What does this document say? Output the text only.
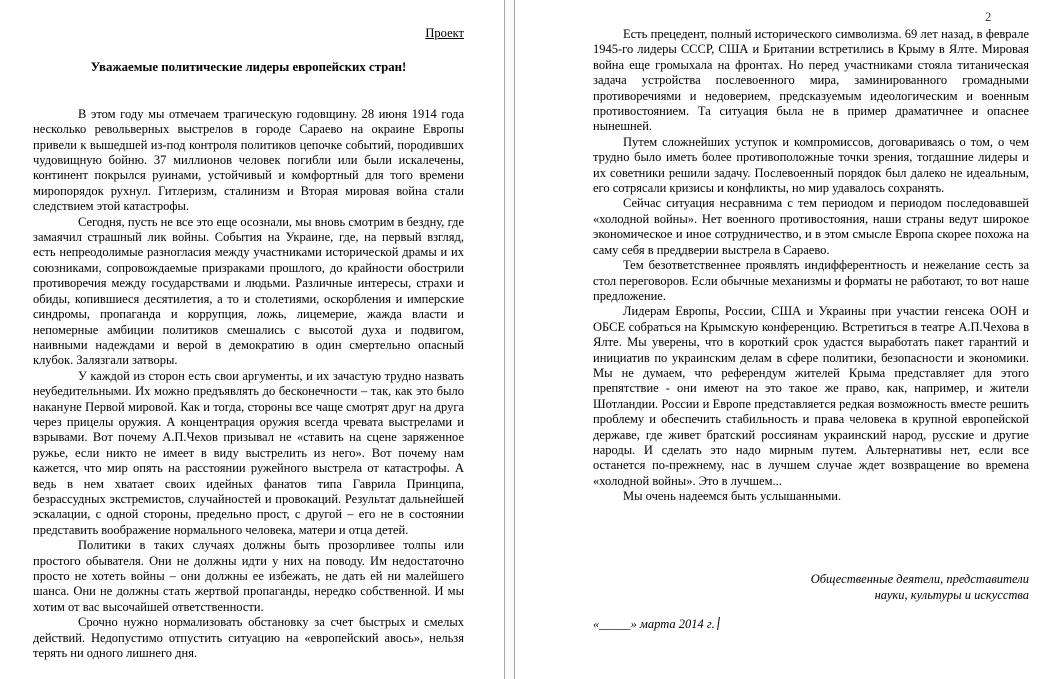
Проект
Уважаемые политические лидеры европейских стран!

В этом году мы отмечаем трагическую годовщину. 28 июня 1914 года несколько револьверных выстрелов в городе Сараево на окраине Европы привели к вышедшей из-под контроля политиков цепочке событий, породивших чудовищную бойню. 37 миллионов человек погибли или были искалечены, континент покрылся руинами, устойчивый и комфортный для того времени миропорядок рухнул. Гитлеризм, сталинизм и Вторая мировая война стали следствием этой катастрофы.

Сегодня, пусть не все это еще осознали, мы вновь смотрим в бездну, где замаячил страшный лик войны. События на Украине, где, на первый взгляд, есть непреодолимые разногласия между участниками исторической драмы и их союзниками, сопровождаемые призраками прошлого, до крайности обострили противоречия между государствами и людьми. Различные интересы, страхи и обиды, копившиеся десятилетия, а то и столетиями, оскорбления и имперские синдромы, пропаганда и коррупция, ложь, лицемерие, жажда власти и непомерные амбиции политиков смешались с высотой духа и подвигом, наивными надеждами и верой в демократию в один смертельно опасный клубок. Залязгали затворы.

У каждой из сторон есть свои аргументы, и их зачастую трудно назвать неубедительными. Их можно предъявлять до бесконечности – так, как это было накануне Первой мировой. Как и тогда, стороны все чаще смотрят друг на друга через прицелы оружия. А концентрация оружия всегда чревата выстрелами и взрывами. Вот почему А.П.Чехов призывал не «ставить на сцене заряженное ружье, если никто не имеет в виду выстрелить из него». Вот почему нам кажется, что мир опять на расстоянии ружейного выстрела от катастрофы. А ведь в нем хватает своих идейных фанатов типа Гаврила Принципа, безрассудных экстремистов, случайностей и провокаций. Результат дальнейшей эскалации, с одной стороны, предельно прост, с другой – его не в состоянии представить воображение нормального человека, матери и отца детей.

Политики в таких случаях должны быть прозорливее толпы или простого обывателя. Они не должны идти у них на поводу. Им недостаточно просто не хотеть войны – они должны ее избежать, не дать ей ни малейшего шанса. Они не должны стать жертвой пропаганды, нередко собственной. И мы хотим от вас высочайшей ответственности.

Срочно нужно нормализовать обстановку за счет быстрых и смелых действий. Недопустимо отпустить ситуацию на «европейский авось», нельзя терять ни одного лишнего дня.

2

Есть прецедент, полный исторического символизма. 69 лет назад, в феврале 1945-го лидеры СССР, США и Британии встретились в Крыму в Ялте. Мировая война еще громыхала на фронтах. Но перед участниками стояла титаническая задача устройства послевоенного мира, заминированного громадными противоречиями и недоверием, предсказуемым идеологическим и военным противостоянием. Та ситуация была не в пример драматичнее и опаснее нынешней.

Путем сложнейших уступок и компромиссов, договариваясь о том, о чем трудно было иметь более противоположные точки зрения, тогдашние лидеры и их советники решили задачу. Послевоенный порядок был далеко не идеальным, его сотрясали кризисы и конфликты, но мир удавалось сохранять.

Сейчас ситуация несравнима с тем периодом и периодом последовавшей «холодной войны». Нет военного противостояния, наши страны ведут широкое экономическое и иное сотрудничество, и в этом смысле Европа скорее похожа на саму себя в преддверии выстрела в Сараево.

Тем безответственнее проявлять индифферентность и нежелание сесть за стол переговоров. Если обычные механизмы и форматы не работают, то вот наше предложение.

Лидерам Европы, России, США и Украины при участии генсека ООН и ОБСЕ собраться на Крымскую конференцию. Встретиться в театре А.П.Чехова в Ялте. Мы уверены, что в короткий срок удастся выработать пакет гарантий и инициатив по украинским делам в сфере политики, безопасности и экономики. Мы не думаем, что референдум жителей Крыма представляет для этого препятствие - они имеют на это такое же право, как, например, и жители Шотландии. России и Европе представляется редкая возможность вместе решить проблему и обеспечить стабильность и права человека в крупной европейской державе, где живет братский россиянам украинский народ, русские и другие народы. И сделать это надо мирным путем. Альтернативы нет, если все останется по-прежнему, нас в лучшем случае ждет возвращение во времена «холодной войны». Это в лучшем...

Мы очень надеемся быть услышанными.

Общественные деятели, представители
науки, культуры и искусства
«_____» марта 2014 г.
